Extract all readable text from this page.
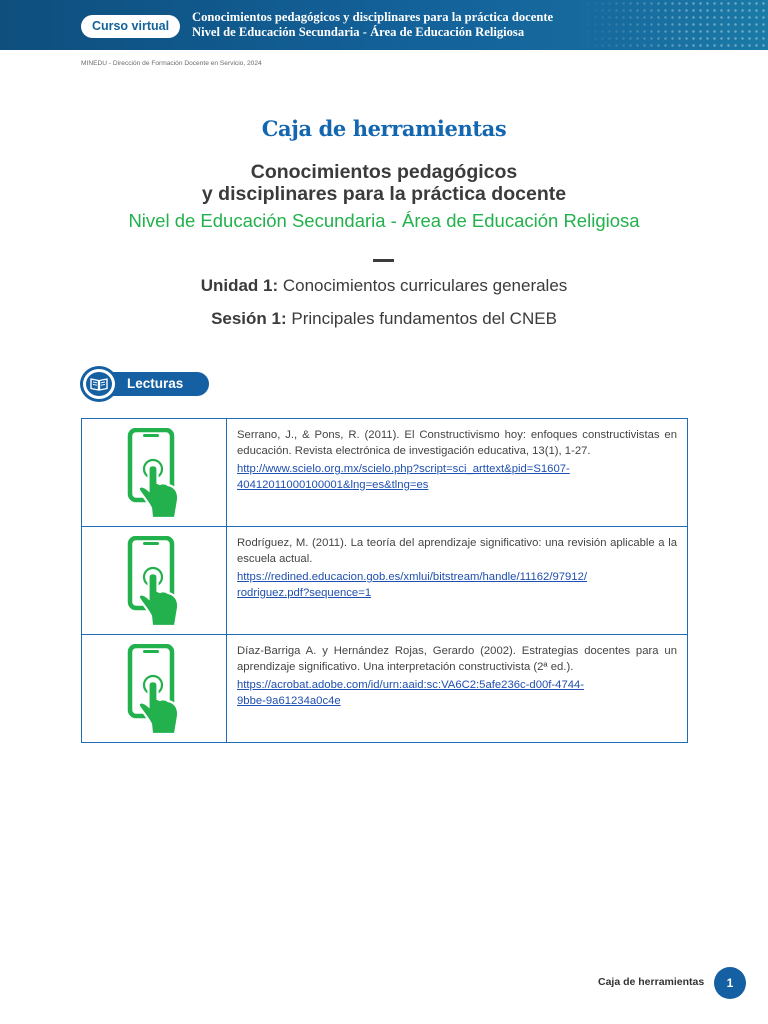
Curso virtual
Conocimientos pedagógicos y disciplinares para la práctica docente
Nivel de Educación Secundaria - Área de Educación Religiosa
MINEDU - Dirección de Formación Docente en Servicio, 2024
Caja de herramientas
Conocimientos pedagógicos
y disciplinares para la práctica docente
Nivel de Educación Secundaria - Área de Educación Religiosa
Unidad 1: Conocimientos curriculares generales
Sesión 1: Principales fundamentos del CNEB
Lecturas

Serrano, J., & Pons, R. (2011). El Constructivismo hoy: enfoques constructivistas en educación. Revista electrónica de investigación educativa, 13(1), 1-27.
http://www.scielo.org.mx/scielo.php?script=sci_arttext&pid=S1607-
40412011000100001&lng=es&tlng=es

Rodríguez, M. (2011). La teoría del aprendizaje significativo: una revisión aplicable a la escuela actual.
https://redined.educacion.gob.es/xmlui/bitstream/handle/11162/97912/
rodriguez.pdf?sequence=1

Díaz-Barriga A. y Hernández Rojas, Gerardo (2002). Estrategias docentes para un aprendizaje significativo. Una interpretación constructivista (2ª ed.).
https://acrobat.adobe.com/id/urn:aaid:sc:VA6C2:5afe236c-d00f-4744-
9bbe-9a61234a0c4e
Caja de herramientas	1
